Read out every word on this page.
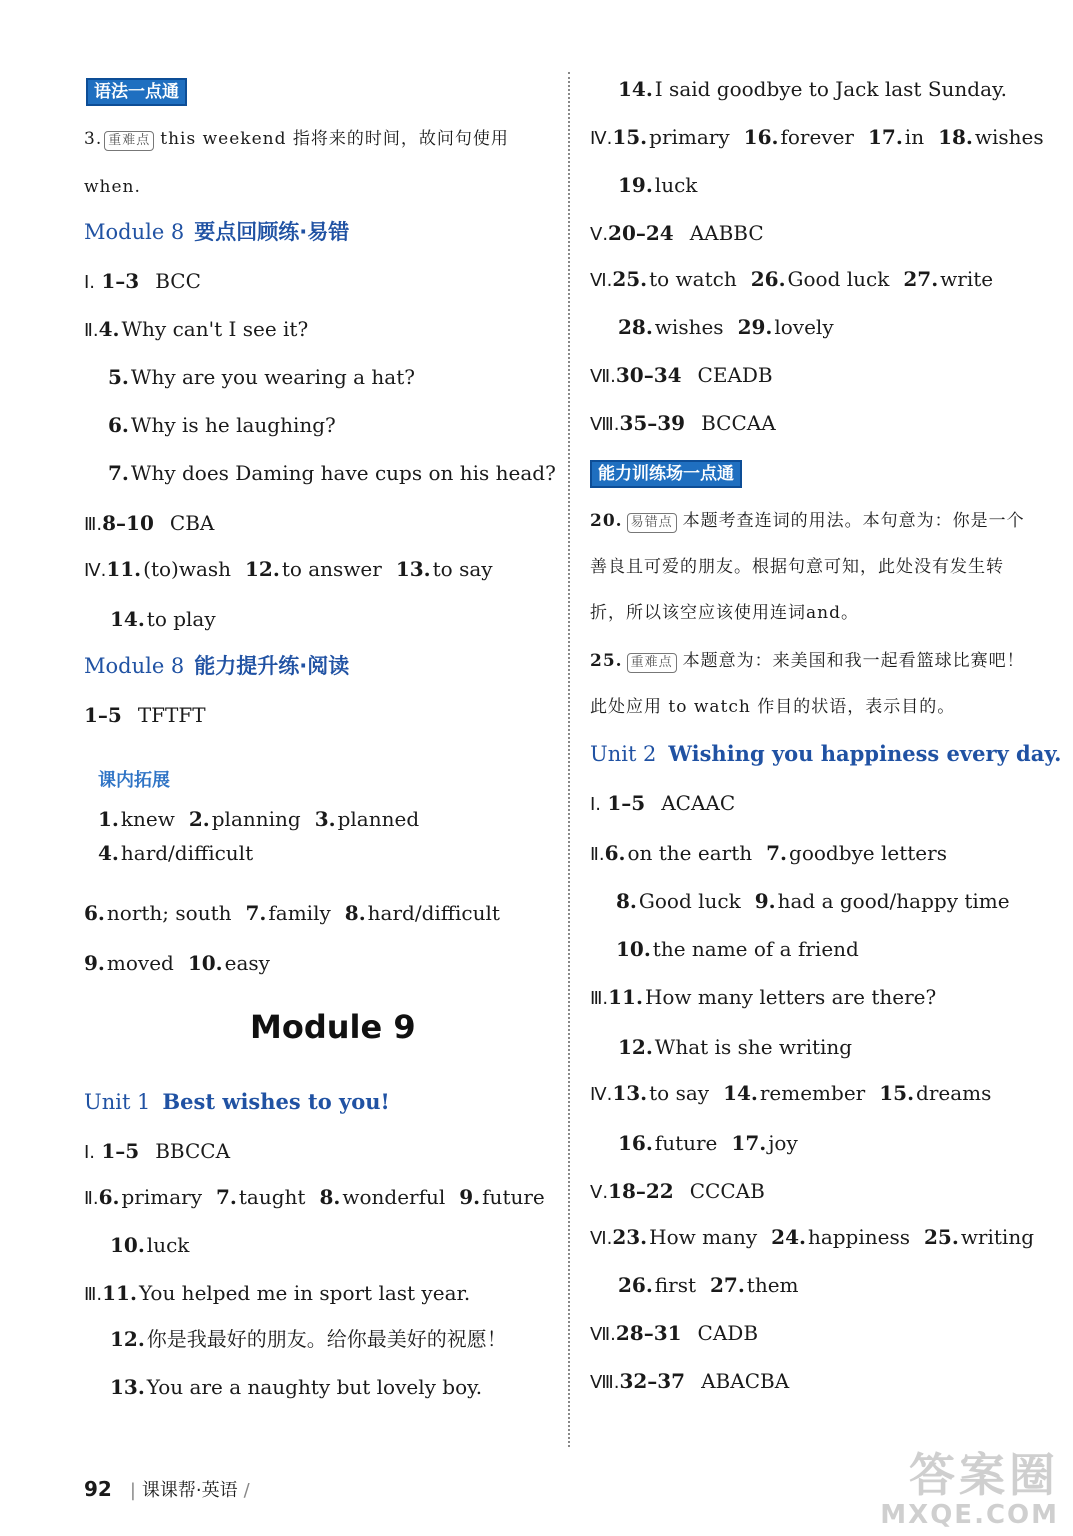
语法一点通
3. 重难点 this weekend 指将来的时间，故问句使用
when.
Module 8 要点回顾练·易错
Ⅰ. 1–3 BCC
Ⅱ.4. Why can't I see it?
5. Why are you wearing a hat?
6. Why is he laughing?
7. Why does Daming have cups on his head?
Ⅲ.8–10 CBA
Ⅳ.11. (to)wash 12. to answer 13. to say
14. to play
Module 8 能力提升练·阅读
1–5 TFTFT
课内拓展
1. knew 2. planning 3. planned
4. hard/difficult
6. north; south 7. family 8. hard/difficult
9. moved 10. easy
Module 9
Unit 1 Best wishes to you!
Ⅰ. 1–5 BBCCA
Ⅱ.6. primary 7. taught 8. wonderful 9. future
10. luck
Ⅲ.11. You helped me in sport last year.
12. 你是我最好的朋友。给你最美好的祝愿！
13. You are a naughty but lovely boy.
14. I said goodbye to Jack last Sunday.
Ⅳ.15. primary 16. forever 17. in 18. wishes
19. luck
Ⅴ.20–24 AABBC
Ⅵ.25. to watch 26. Good luck 27. write
28. wishes 29. lovely
Ⅶ.30–34 CEADB
Ⅷ.35–39 BCCAA
能力训练场一点通
20. 易错点 本题考查连词的用法。本句意为：你是一个
善良且可爱的朋友。根据句意可知，此处没有发生转
折，所以该空应该使用连词and。
25. 重难点 本题意为：来美国和我一起看篮球比赛吧！
此处应用 to watch 作目的状语，表示目的。
Unit 2 Wishing you happiness every day.
Ⅰ. 1–5 ACAAC
Ⅱ.6. on the earth 7. goodbye letters
8. Good luck 9. had a good/happy time
10. the name of a friend
Ⅲ.11. How many letters are there?
12. What is she writing
Ⅳ.13. to say 14. remember 15. dreams
16. future 17. joy
Ⅴ.18–22 CCCAB
Ⅵ.23. How many 24. happiness 25. writing
26. first 27. them
Ⅶ.28–31 CADB
Ⅷ.32–37 ABACBA
92 | 课课帮·英语 /	答案圈
MXQE.COM
